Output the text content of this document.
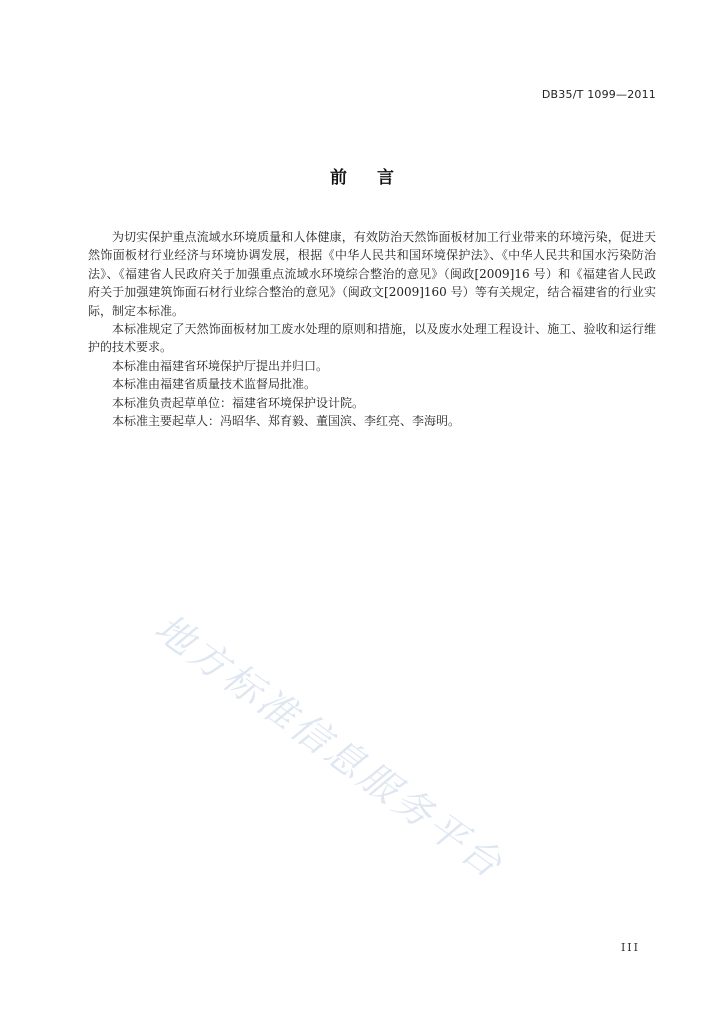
DB35/T 1099—2011
前言

为切实保护重点流域水环境质量和人体健康，有效防治天然饰面板材加工行业带来的环境污染，促进天然饰面板材行业经济与环境协调发展，根据《中华人民共和国环境保护法》、《中华人民共和国水污染防治法》、《福建省人民政府关于加强重点流域水环境综合整治的意见》（闽政[2009]16 号）和《福建省人民政府关于加强建筑饰面石材行业综合整治的意见》（闽政文[2009]160 号）等有关规定，结合福建省的行业实际，制定本标准。

本标准规定了天然饰面板材加工废水处理的原则和措施，以及废水处理工程设计、施工、验收和运行维护的技术要求。

本标准由福建省环境保护厅提出并归口。

本标准由福建省质量技术监督局批准。

本标准负责起草单位：福建省环境保护设计院。

本标准主要起草人：冯昭华、郑育毅、董国滨、李红亮、李海明。

地方标准信息服务平台
III
